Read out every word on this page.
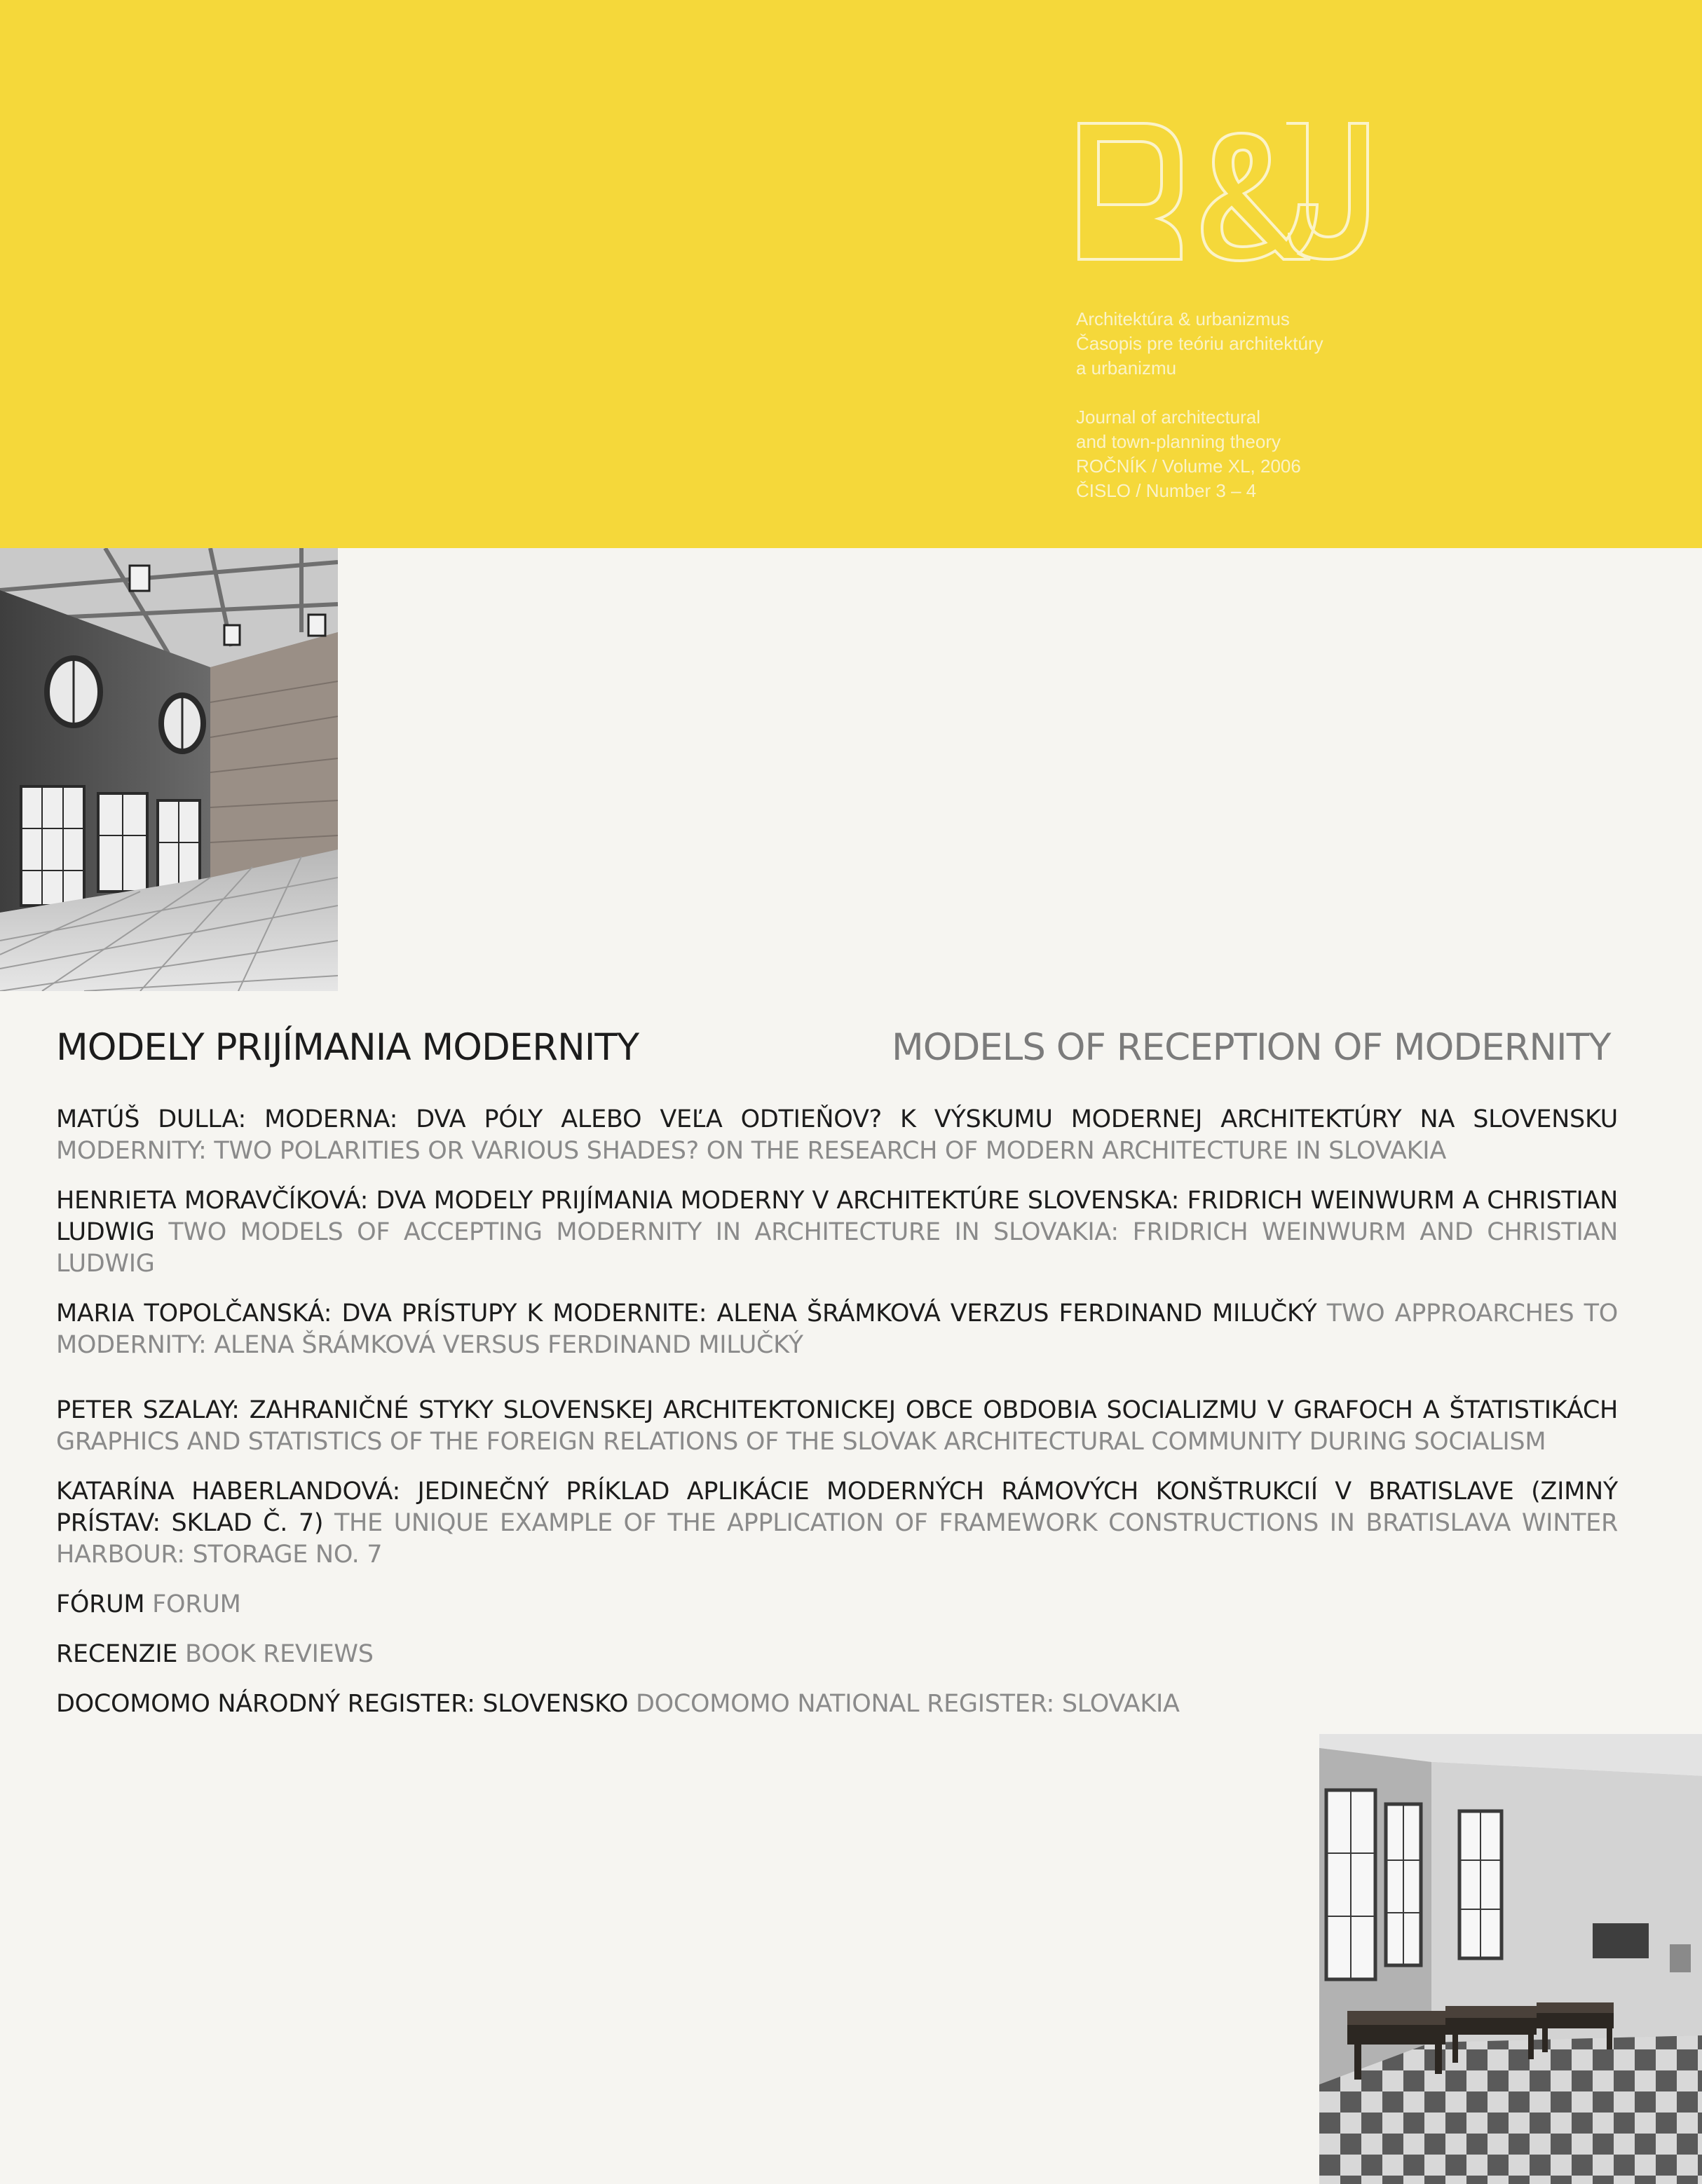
Architektúra & urbanizmus
Časopis pre teóriu architektúry
a urbanizmu
Journal of architectural
and town-planning theory
ROČNÍK / Volume XL, 2006
ČISLO / Number 3 – 4
MODELY PRIJÍMANIA MODERNITY	MODELS OF RECEPTION OF MODERNITY

MATÚŠ DULLA: MODERNA: DVA PÓLY ALEBO VEĽA ODTIEŇOV? K VÝSKUMU MODERNEJ ARCHITEKTÚRY NA SLOVENSKU MODERNITY: TWO POLARITIES OR VARIOUS SHADES? ON THE RESEARCH OF MODERN ARCHITECTURE IN SLOVAKIA

HENRIETA MORAVČÍKOVÁ: DVA MODELY PRIJÍMANIA MODERNY V ARCHITEKTÚRE SLOVENSKA: FRIDRICH WEINWURM A CHRISTIAN LUDWIG TWO MODELS OF ACCEPTING MODERNITY IN ARCHITECTURE IN SLOVAKIA: FRIDRICH WEINWURM AND CHRISTIAN LUDWIG

MARIA TOPOLČANSKÁ: DVA PRÍSTUPY K MODERNITE: ALENA ŠRÁMKOVÁ VERZUS FERDINAND MILUČKÝ TWO APPROARCHES TO MODERNITY: ALENA ŠRÁMKOVÁ VERSUS FERDINAND MILUČKÝ

PETER SZALAY: ZAHRANIČNÉ STYKY SLOVENSKEJ ARCHITEKTONICKEJ OBCE OBDOBIA SOCIALIZMU V GRAFOCH A ŠTATISTIKÁCH GRAPHICS AND STATISTICS OF THE FOREIGN RELATIONS OF THE SLOVAK ARCHITECTURAL COMMUNITY DURING SOCIALISM

KATARÍNA HABERLANDOVÁ: JEDINEČNÝ PRÍKLAD APLIKÁCIE MODERNÝCH RÁMOVÝCH KONŠTRUKCIÍ V BRATISLAVE (ZIMNÝ PRÍSTAV: SKLAD Č. 7) THE UNIQUE EXAMPLE OF THE APPLICATION OF FRAMEWORK CONSTRUCTIONS IN BRATISLAVA WINTER HARBOUR: STORAGE NO. 7

FÓRUM FORUM

RECENZIE BOOK REVIEWS

DOCOMOMO NÁRODNÝ REGISTER: SLOVENSKO DOCOMOMO NATIONAL REGISTER: SLOVAKIA
